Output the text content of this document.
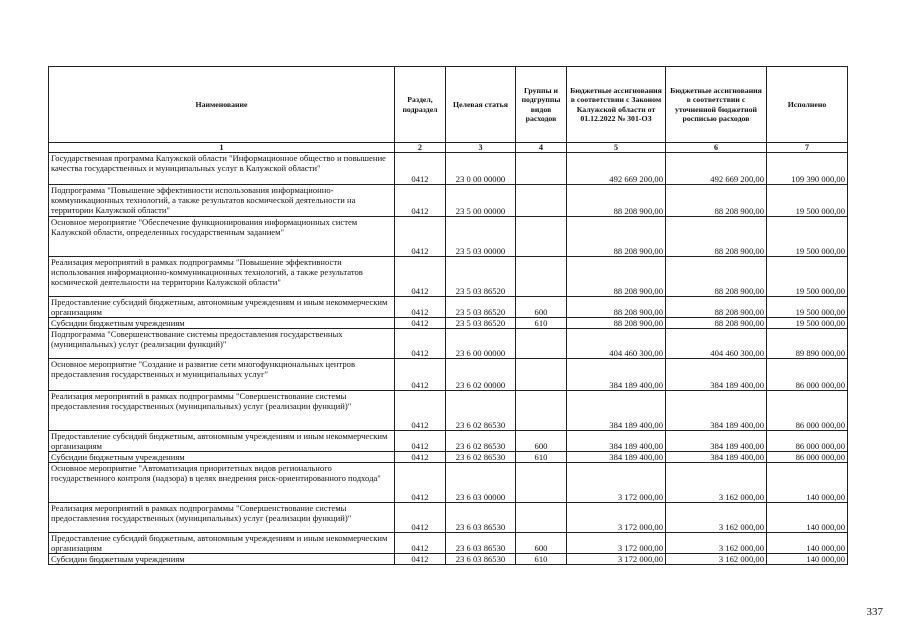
Наименование	Раздел, подраздел	Целевая статья	Группы и подгруппы видов расходов	Бюджетные ассигнования в соответствии с Законом Калужской области от 01.12.2022 № 301-ОЗ	Бюджетные ассигнования в соответствии с уточненной бюджетной росписью расходов	Исполнено
1	2	3	4	5	6	7
Государственная программа Калужской области "Информационное общество и повышение качества государственных и муниципальных услуг в Калужской области"	0412	23 0 00 00000		492 669 200,00	492 669 200,00	109 390 000,00
Подпрограмма "Повышение эффективности использования информационно-коммуникационных технологий, а также результатов космической деятельности на территории Калужской области"	0412	23 5 00 00000		88 208 900,00	88 208 900,00	19 500 000,00
Основное мероприятие "Обеспечение функционирования информационных систем Калужской области, определенных государственным заданием"	0412	23 5 03 00000		88 208 900,00	88 208 900,00	19 500 000,00
Реализация мероприятий в рамках подпрограммы "Повышение эффективности использования информационно-коммуникационных технологий, а также результатов космической деятельности на территории Калужской области"	0412	23 5 03 86520		88 208 900,00	88 208 900,00	19 500 000,00
Предоставление субсидий бюджетным, автономным учреждениям и иным некоммерческим организациям	0412	23 5 03 86520	600	88 208 900,00	88 208 900,00	19 500 000,00
Субсидии бюджетным учреждениям	0412	23 5 03 86520	610	88 208 900,00	88 208 900,00	19 500 000,00
Подпрограмма "Совершенствование системы предоставления государственных (муниципальных) услуг (реализации функций)"	0412	23 6 00 00000		404 460 300,00	404 460 300,00	89 890 000,00
Основное мероприятие "Создание и развитие сети многофункциональных центров предоставления государственных и муниципальных услуг"	0412	23 6 02 00000		384 189 400,00	384 189 400,00	86 000 000,00
Реализация мероприятий в рамках подпрограммы "Совершенствование системы предоставления государственных (муниципальных) услуг (реализации функций)"	0412	23 6 02 86530		384 189 400,00	384 189 400,00	86 000 000,00
Предоставление субсидий бюджетным, автономным учреждениям и иным некоммерческим организациям	0412	23 6 02 86530	600	384 189 400,00	384 189 400,00	86 000 000,00
Субсидии бюджетным учреждениям	0412	23 6 02 86530	610	384 189 400,00	384 189 400,00	86 000 000,00
Основное мероприятие "Автоматизация приоритетных видов регионального государственного контроля (надзора) в целях внедрения риск-ориентированного подхода"	0412	23 6 03 00000		3 172 000,00	3 162 000,00	140 000,00
Реализация мероприятий в рамках подпрограммы "Совершенствование системы предоставления государственных (муниципальных) услуг (реализации функций)"	0412	23 6 03 86530		3 172 000,00	3 162 000,00	140 000,00
Предоставление субсидий бюджетным, автономным учреждениям и иным некоммерческим организациям	0412	23 6 03 86530	600	3 172 000,00	3 162 000,00	140 000,00
Субсидии бюджетным учреждениям	0412	23 6 03 86530	610	3 172 000,00	3 162 000,00	140 000,00
337
